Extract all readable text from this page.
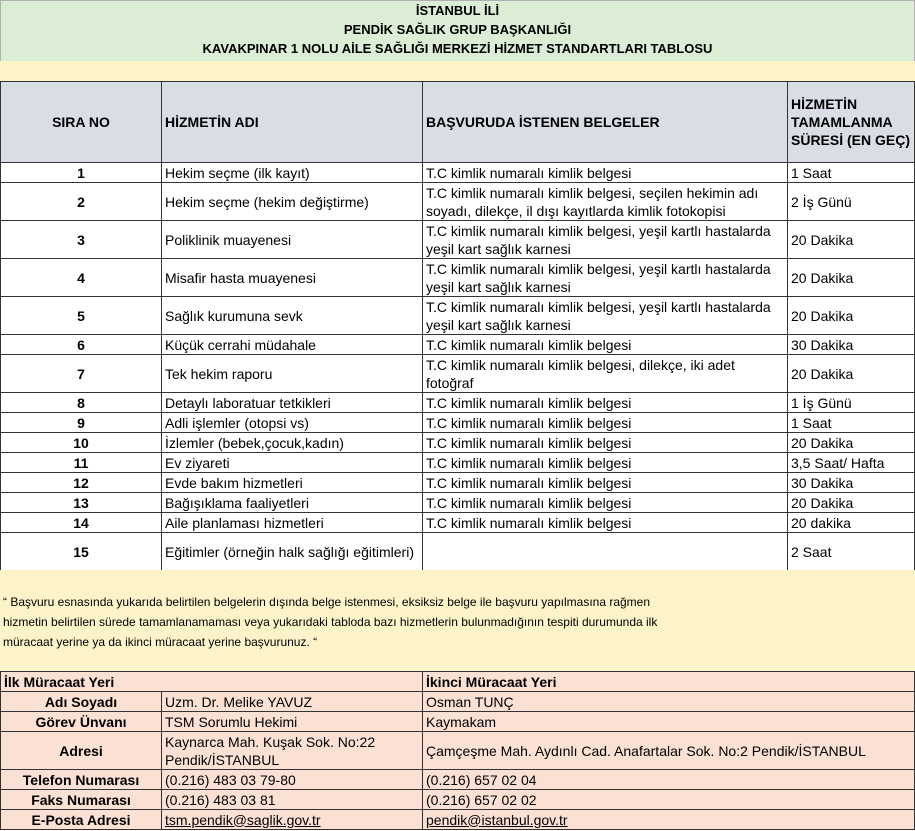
İSTANBUL İLİ
PENDİK SAĞLIK GRUP BAŞKANLIĞI
KAVAKPINAR 1 NOLU AİLE SAĞLIĞI MERKEZİ HİZMET STANDARTLARI TABLOSU
SIRA NO	HİZMETİN ADI	BAŞVURUDA İSTENEN BELGELER	HİZMETİN TAMAMLANMA SÜRESİ (EN GEÇ)
1	Hekim seçme (ilk kayıt)	T.C kimlik numaralı kimlik belgesi	1 Saat
2	Hekim seçme (hekim değiştirme)	T.C kimlik numaralı kimlik belgesi, seçilen hekimin adı soyadı, dilekçe, il dışı kayıtlarda kimlik fotokopisi	2 İş Günü
3	Poliklinik muayenesi	T.C kimlik numaralı kimlik belgesi, yeşil kartlı hastalarda yeşil kart sağlık karnesi	20 Dakika
4	Misafir hasta muayenesi	T.C kimlik numaralı kimlik belgesi, yeşil kartlı hastalarda yeşil kart sağlık karnesi	20 Dakika
5	Sağlık kurumuna sevk	T.C kimlik numaralı kimlik belgesi, yeşil kartlı hastalarda yeşil kart sağlık karnesi	20 Dakika
6	Küçük cerrahi müdahale	T.C kimlik numaralı kimlik belgesi	30 Dakika
7	Tek hekim raporu	T.C kimlik numaralı kimlik belgesi, dilekçe, iki adet fotoğraf	20 Dakika
8	Detaylı laboratuar tetkikleri	T.C kimlik numaralı kimlik belgesi	1 İş Günü
9	Adli işlemler (otopsi vs)	T.C kimlik numaralı kimlik belgesi	1 Saat
10	İzlemler (bebek,çocuk,kadın)	T.C kimlik numaralı kimlik belgesi	20 Dakika
11	Ev ziyareti	T.C kimlik numaralı kimlik belgesi	3,5 Saat/ Hafta
12	Evde bakım hizmetleri	T.C kimlik numaralı kimlik belgesi	30 Dakika
13	Bağışıklama faaliyetleri	T.C kimlik numaralı kimlik belgesi	20 Dakika
14	Aile planlaması hizmetleri	T.C kimlik numaralı kimlik belgesi	20 dakika
15	Eğitimler (örneğin halk sağlığı eğitimleri)		2 Saat

“ Başvuru esnasında yukarıda belirtilen belgelerin dışında belge istenmesi, eksiksiz belge ile başvuru yapılmasına rağmen

hizmetin belirtilen sürede tamamlanamaması veya yukarıdaki tabloda bazı hizmetlerin bulunmadığının tespiti durumunda ilk

müracaat yerine ya da ikinci müracaat yerine başvurunuz. “

İlk Müracaat Yeri		İkinci Müracaat Yeri
Adı Soyadı	Uzm. Dr. Melike YAVUZ	Osman TUNÇ
Görev Ünvanı	TSM Sorumlu Hekimi	Kaymakam
Adresi	Kaynarca Mah. Kuşak Sok. No:22 Pendik/İSTANBUL	Çamçeşme Mah. Aydınlı Cad. Anafartalar Sok. No:2 Pendik/İSTANBUL
Telefon Numarası	(0.216) 483 03 79-80	(0.216) 657 02 04
Faks Numarası	(0.216) 483 03 81	(0.216) 657 02 02
E-Posta Adresi	tsm.pendik@saglik.gov.tr	pendik@istanbul.gov.tr
